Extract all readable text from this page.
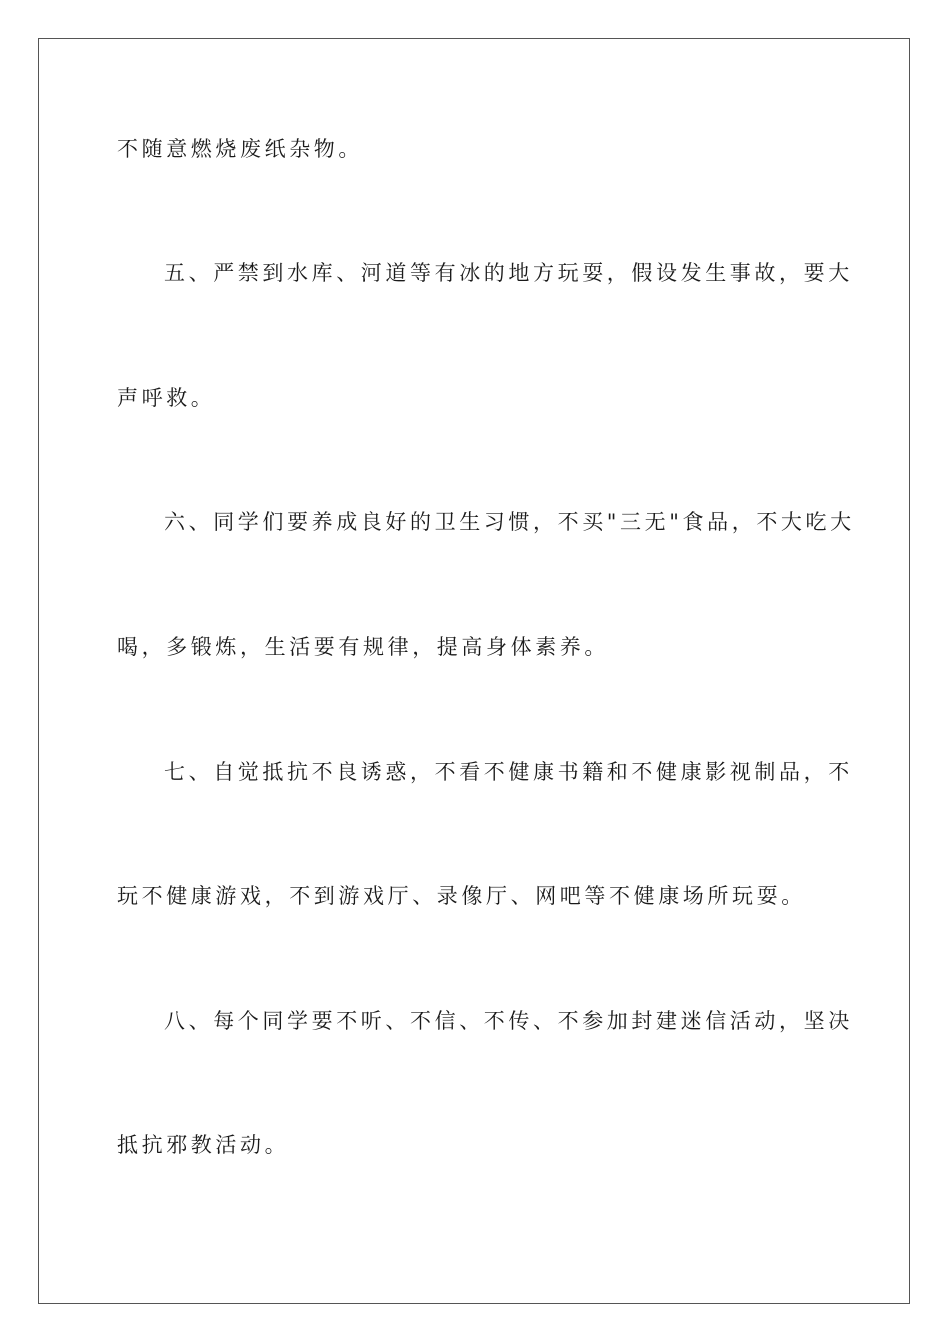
不随意燃烧废纸杂物。
五、严禁到水库、河道等有冰的地方玩耍，假设发生事故，要大
声呼救。
六、同学们要养成良好的卫生习惯，不买"三无"食品，不大吃大
喝，多锻炼，生活要有规律，提高身体素养。
七、自觉抵抗不良诱惑，不看不健康书籍和不健康影视制品，不
玩不健康游戏，不到游戏厅、录像厅、网吧等不健康场所玩耍。
八、每个同学要不听、不信、不传、不参加封建迷信活动，坚决
抵抗邪教活动。
